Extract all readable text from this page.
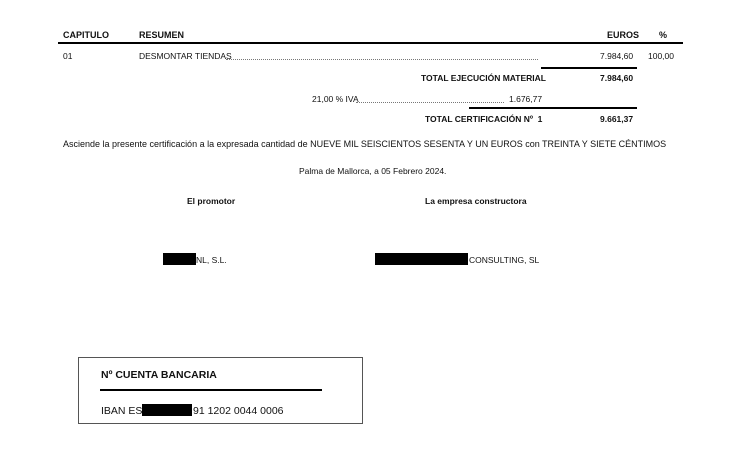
CAPITULO	RESUMEN	EUROS %
01	DESMONTAR TIENDAS	7.984,60 100,00
TOTAL EJECUCIÓN MATERIAL	7.984,60
21,00 % IVA	1.676,77
TOTAL CERTIFICACIÓN Nº 1	9.661,37
Asciende la presente certificación a la expresada cantidad de NUEVE MIL SEISCIENTOS SESENTA Y UN EUROS con TREINTA Y SIETE CÉNTIMOS
Palma de Mallorca, a 05 Febrero 2024.
El promotor	La empresa constructora
NL, S.L.	CONSULTING, SL
Nº CUENTA BANCARIA
IBAN ES	91 1202 0044 0006
